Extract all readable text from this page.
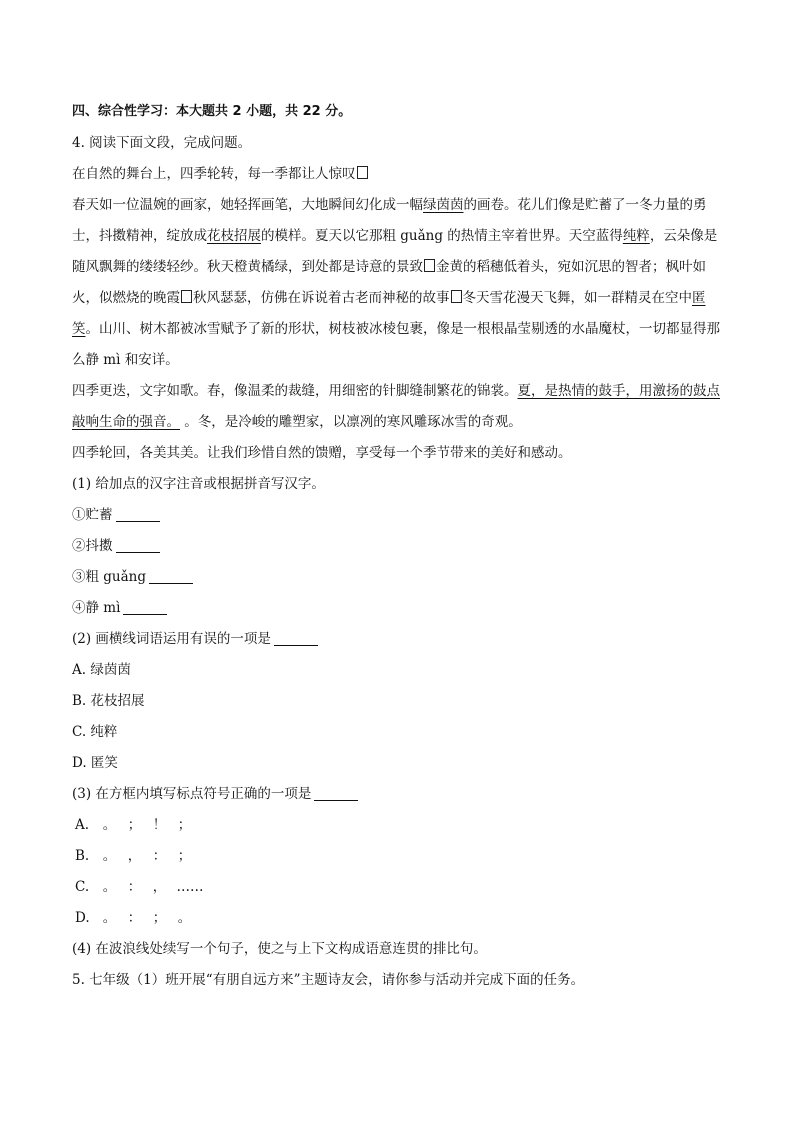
四、综合性学习：本大题共 2 小题，共 22 分。
4. 阅读下面文段，完成问题。
在自然的舞台上，四季轮转，每一季都让人惊叹
春天如一位温婉的画家，她轻挥画笔，大地瞬间幻化成一幅绿茵茵的画卷。花儿们像是贮蓄了一冬力量的勇士，抖擞精神，绽放成花枝招展的模样。夏天以它那粗 guǎng 的热情主宰着世界。天空蓝得纯粹，云朵像是随风飘舞的缕缕轻纱。秋天橙黄橘绿，到处都是诗意的景致 金黄的稻穗低着头，宛如沉思的智者；枫叶如火，似燃烧的晚霞 秋风瑟瑟，仿佛在诉说着古老而神秘的故事 冬天雪花漫天飞舞，如一群精灵在空中匿笑。山川、树木都被冰雪赋予了新的形状，树枝被冰棱包裹，像是一根根晶莹剔透的水晶魔杖，一切都显得那么静 mì 和安详。
四季更迭，文字如歌。春，像温柔的裁缝，用细密的针脚缝制繁花的锦裳。夏，是热情的鼓手，用激扬的鼓点敲响生命的强音。 。冬，是冷峻的雕塑家，以凛冽的寒风雕琢冰雪的奇观。
四季轮回，各美其美。让我们珍惜自然的馈赠，享受每一个季节带来的美好和感动。
(1) 给加点的汉字注音或根据拼音写汉字。
①贮蓄
②抖擞
③粗 guǎng
④静 mì
(2) 画横线词语运用有误的一项是
A. 绿茵茵
B. 花枝招展
C. 纯粹
D. 匿笑
(3) 在方框内填写标点符号正确的一项是
A. 。 ； ！ ；
B. 。 ， ： ；
C. 。 ： ， ……
D. 。 ： ； 。
(4) 在波浪线处续写一个句子，使之与上下文构成语意连贯的排比句。
5. 七年级（1）班开展“有朋自远方来”主题诗友会，请你参与活动并完成下面的任务。
